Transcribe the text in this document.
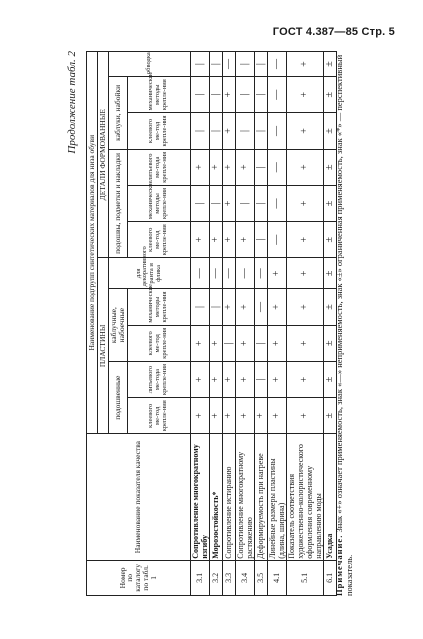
ГОСТ 4.387—85 Стр. 5
Продолжение табл. 2
Номер по каталогу по табл. 1	Наименование показателя качества	Наименование подгрупп синтетических материалов для низа обуви										
		ПЛАСТИНЫ					ДЕТАЛИ ФОРМОВАННЫЕ					
		подошвенные		каблучные, набоечные		для декоративного рантa и фликa	подошвы, подметки и накладки			каблуки, набойки		обводка
		клеевого ме-тод крепле-ния	литьевого ме-тода крепле-ния	клеевого ме-тод крепле-ния	механические методы крепле-ния		клеевого ме-тод крепле-ния	механические методы крепле-ния	литьевого ме-тода крепле-ния	клеевого ме-тод крепле-ния	механические методы крепле-ния	
3.1	Сопротивление многократному изгибу	+	+	+	|	—	+	|	+	|	|	|
3.2	Морозостойкость*	+	+	+	|	—	+	|	+	|	|	|
3.3	Сопротивление истиранию	+	+	|	+	—	+	+	+	+	+	—
3.4	Сопротивление многократному растяжению	+	+	+	+	—	+	|	+	|	|	|
3.5	Деформируемость при нагреве	+	|	|	—	—	|	|	|	|	|	|
4.1	Линейные размеры пластины (длина, ширина)	+	+	+	+	+	—	—	—	—	—	—
5.1	Показатель соответствия художественно-колористического оформления современному направлению моды	+	+	+	+	+	+	+	+	+	+	+
6.1	Усадка	±	±	±	±	±	±	±	±	±	±	±
Примечание. Знак «+» означает применяемость, знак «—» неприменяемость, знак «±» ограниченная применяемость, знак «*» — перспективный показатель.
